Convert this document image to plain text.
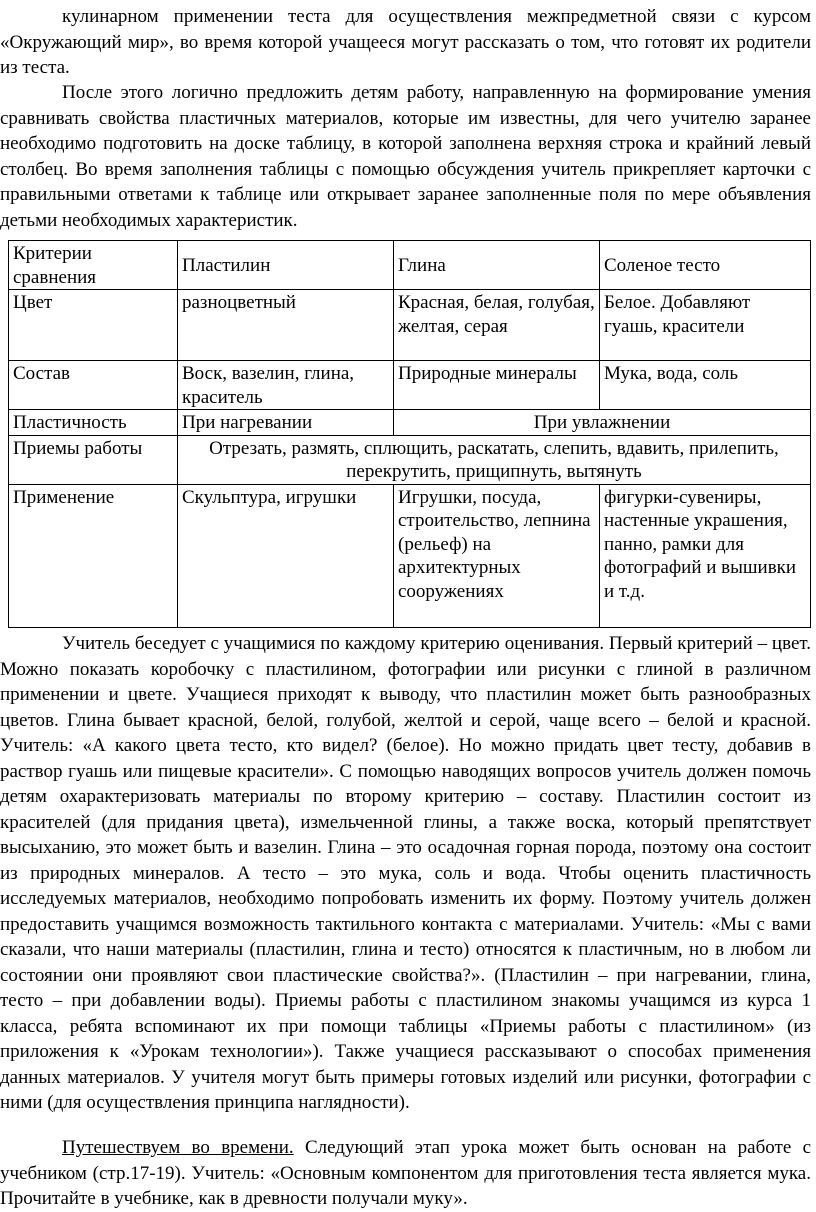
кулинарном применении теста для осуществления межпредметной связи с курсом «Окружающий мир», во время которой учащееся могут рассказать о том, что готовят их родители из теста.

После этого логично предложить детям работу, направленную на формирование умения сравнивать свойства пластичных материалов, которые им известны, для чего учителю заранее необходимо подготовить на доске таблицу, в которой заполнена верхняя строка и крайний левый столбец. Во время заполнения таблицы с помощью обсуждения учитель прикрепляет карточки с правильными ответами к таблице или открывает заранее заполненные поля по мере объявления детьми необходимых характеристик.

Критерии сравнения	Пластилин	Глина	Соленое тесто
Цвет	разноцветный	Красная, белая, голубая, желтая, серая	Белое. Добавляют гуашь, красители
Состав	Воск, вазелин, глина, краситель	Природные минералы	Мука, вода, соль
Пластичность	При нагревании	При увлажнении	
Приемы работы	Отрезать, размять, сплющить, раскатать, слепить, вдавить, прилепить, перекрутить, прищипнуть, вытянуть		
Применение	Скульптура, игрушки	Игрушки, посуда, строительство, лепнина (рельеф) на архитектурных сооружениях	фигурки-сувениры, настенные украшения, панно, рамки для фотографий и вышивки и т.д.

Учитель беседует с учащимися по каждому критерию оценивания. Первый критерий – цвет. Можно показать коробочку с пластилином, фотографии или рисунки с глиной в различном применении и цвете. Учащиеся приходят к выводу, что пластилин может быть разнообразных цветов. Глина бывает красной, белой, голубой, желтой и серой, чаще всего – белой и красной. Учитель: «А какого цвета тесто, кто видел? (белое). Но можно придать цвет тесту, добавив в раствор гуашь или пищевые красители». С помощью наводящих вопросов учитель должен помочь детям охарактеризовать материалы по второму критерию – составу. Пластилин состоит из красителей (для придания цвета), измельченной глины, а также воска, который препятствует высыханию, это может быть и вазелин. Глина – это осадочная горная порода, поэтому она состоит из природных минералов. А тесто – это мука, соль и вода. Чтобы оценить пластичность исследуемых материалов, необходимо попробовать изменить их форму. Поэтому учитель должен предоставить учащимся возможность тактильного контакта с материалами. Учитель: «Мы с вами сказали, что наши материалы (пластилин, глина и тесто) относятся к пластичным, но в любом ли состоянии они проявляют свои пластические свойства?». (Пластилин – при нагревании, глина, тесто – при добавлении воды). Приемы работы с пластилином знакомы учащимся из курса 1 класса, ребята вспоминают их при помощи таблицы «Приемы работы с пластилином» (из приложения к «Урокам технологии»). Также учащиеся рассказывают о способах применения данных материалов. У учителя могут быть примеры готовых изделий или рисунки, фотографии с ними (для осуществления принципа наглядности).

Путешествуем во времени. Следующий этап урока может быть основан на работе с учебником (стр.17-19). Учитель: «Основным компонентом для приготовления теста является мука. Прочитайте в учебнике, как в древности получали муку».
